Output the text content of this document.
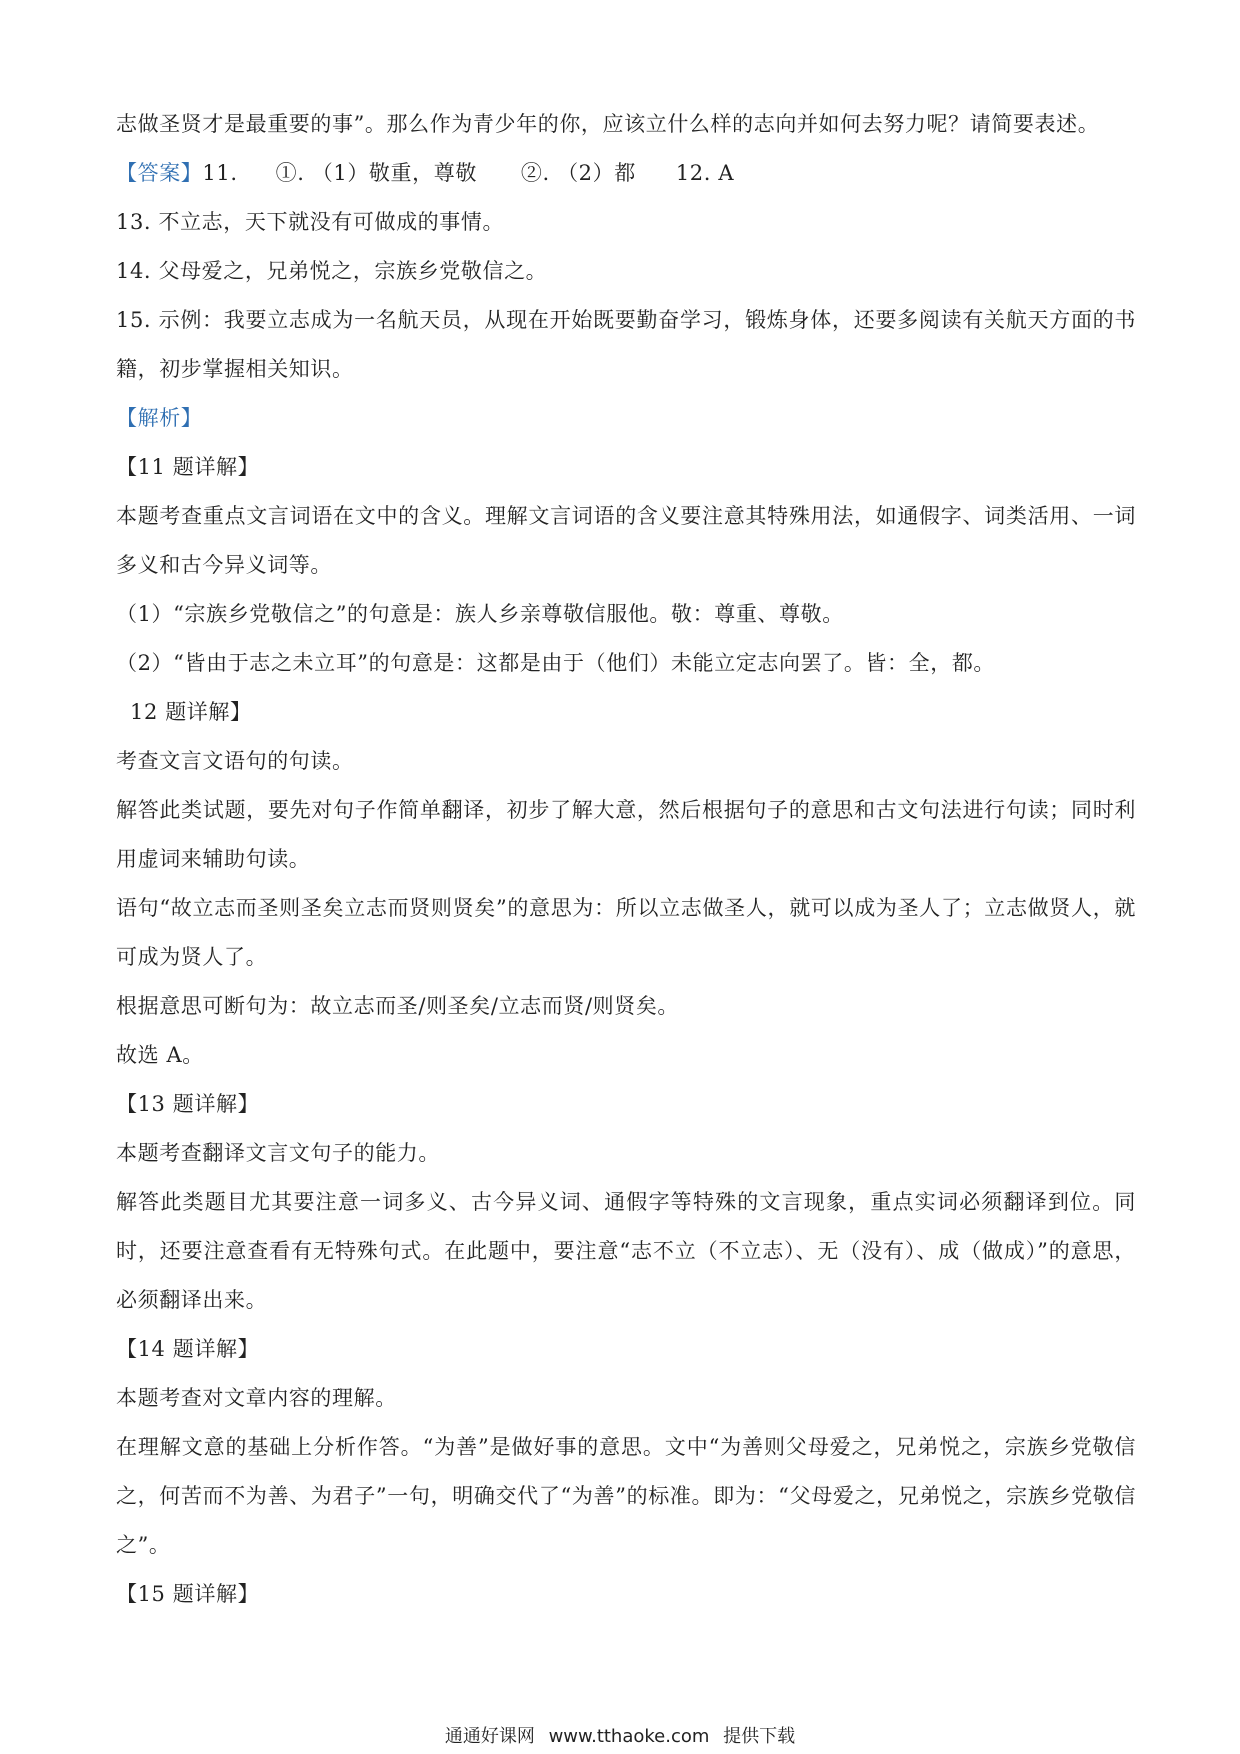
志做圣贤才是最重要的事”。那么作为青少年的你，应该立什么样的志向并如何去努力呢？请简要表述。
【答案】11. ①. （1）敬重，尊敬 ②. （2）都 12. A
13. 不立志，天下就没有可做成的事情。
14. 父母爱之，兄弟悦之，宗族乡党敬信之。
15. 示例：我要立志成为一名航天员，从现在开始既要勤奋学习，锻炼身体，还要多阅读有关航天方面的书籍，初步掌握相关知识。
【解析】
【11 题详解】
本题考查重点文言词语在文中的含义。理解文言词语的含义要注意其特殊用法，如通假字、词类活用、一词多义和古今异义词等。
（1）“宗族乡党敬信之”的句意是：族人乡亲尊敬信服他。敬：尊重、尊敬。
（2）“皆由于志之未立耳”的句意是：这都是由于（他们）未能立定志向罢了。皆：全，都。
12 题详解】
考查文言文语句的句读。
解答此类试题，要先对句子作简单翻译，初步了解大意，然后根据句子的意思和古文句法进行句读；同时利用虚词来辅助句读。
语句“故立志而圣则圣矣立志而贤则贤矣”的意思为：所以立志做圣人，就可以成为圣人了；立志做贤人，就可成为贤人了。
根据意思可断句为：故立志而圣/则圣矣/立志而贤/则贤矣。
故选 A。
【13 题详解】
本题考查翻译文言文句子的能力。
解答此类题目尤其要注意一词多义、古今异义词、通假字等特殊的文言现象，重点实词必须翻译到位。同时，还要注意查看有无特殊句式。在此题中，要注意“志不立（不立志）、无（没有）、成（做成）”的意思，必须翻译出来。
【14 题详解】
本题考查对文章内容的理解。
在理解文意的基础上分析作答。“为善”是做好事的意思。文中“为善则父母爱之，兄弟悦之，宗族乡党敬信之，何苦而不为善、为君子”一句，明确交代了“为善”的标准。即为：“父母爱之，兄弟悦之，宗族乡党敬信之”。
【15 题详解】
通通好课网 www.tthaoke.com 提供下载
